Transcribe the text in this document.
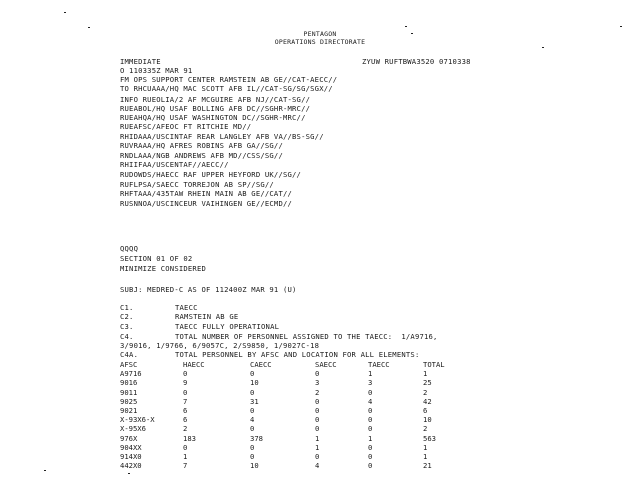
PENTAGON
OPERATIONS DIRECTORATE
IMMEDIATE	ZYUW RUFTBWA3520 0710338
O 110335Z MAR 91
FM OPS SUPPORT CENTER RAMSTEIN AB GE//CAT-AECC//
TO RHCUAAA/HQ MAC SCOTT AFB IL//CAT-SG/SG/SGX//
INFO RUEOLIA/2 AF MCGUIRE AFB NJ//CAT-SG//
RUEABOL/HQ USAF BOLLING AFB DC//SGHR-MRC//
RUEAHQA/HQ USAF WASHINGTON DC//SGHR-MRC//
RUEAFSC/AFEOC FT RITCHIE MD//
RHIDAAA/USCINTAF REAR LANGLEY AFB VA//BS-SG//
RUVRAAA/HQ AFRES ROBINS AFB GA//SG//
RNDLAAA/NGB ANDREWS AFB MD//CSS/SG//
RHIIFAA/USCENTAF//AECC//
RUDOWDS/HAECC RAF UPPER HEYFORD UK//SG//
RUFLPSA/SAECC TORREJON AB SP//SG//
RHFTAAA/435TAW RHEIN MAIN AB GE//CAT//
RUSNNOA/USCINCEUR VAIHINGEN GE//ECMD//
QQQQ
SECTION 01 OF 02
MINIMIZE CONSIDERED
SUBJ: MEDRED-C AS OF 112400Z MAR 91 (U)
C1.	TAECC
C2.	RAMSTEIN AB GE
C3.	TAECC FULLY OPERATIONAL
C4.	TOTAL NUMBER OF PERSONNEL ASSIGNED TO THE TAECC:  1/A9716,
3/9016, 1/9766, 6/9057C, 2/S9850, 1/9027C-18
C4A.	TOTAL PERSONNEL BY AFSC AND LOCATION FOR ALL ELEMENTS:
AFSC	HAECC	CAECC	SAECC	TAECC	TOTAL
A9716	0	0	0	1	1
9016	9	10	3	3	25
9011	0	0	2	0	2
9025	7	31	0	4	42
9021	6	0	0	0	6
X-93X6-X	6	4	0	0	10
X-95X6	2	0	0	0	2
976X	183	378	1	1	563
904XX	0	0	1	0	1
914X0	1	0	0	0	1
442X0	7	10	4	0	21
